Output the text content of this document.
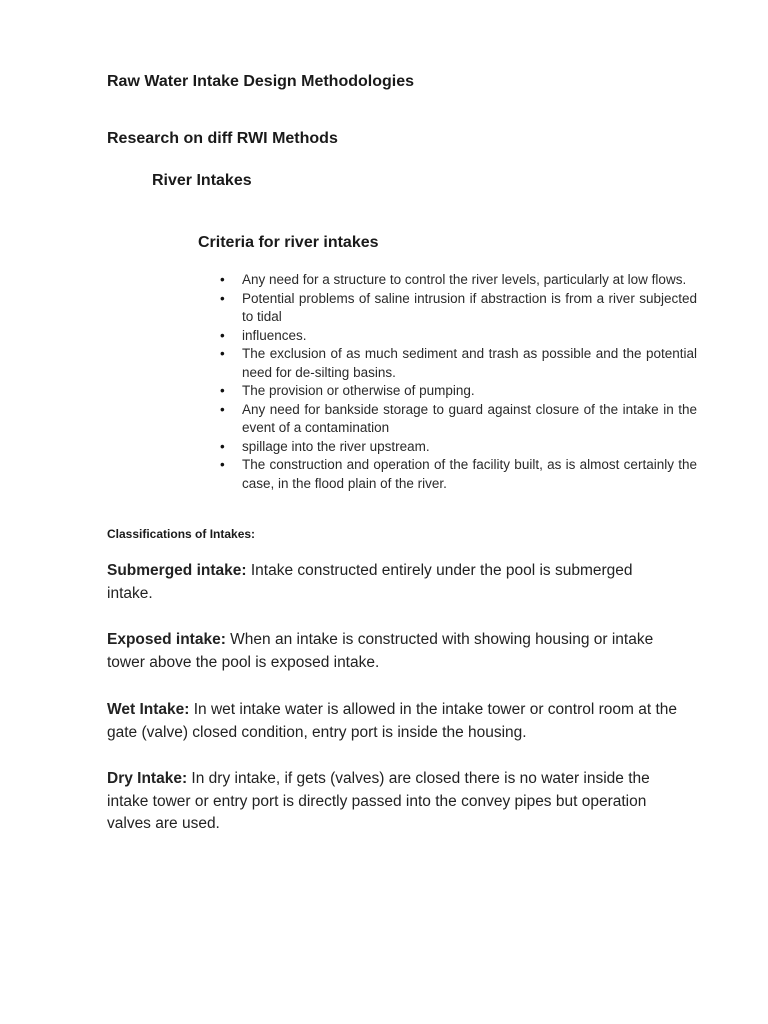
Raw Water Intake Design Methodologies
Research on diff RWI Methods
River Intakes
Criteria for river intakes
• Any need for a structure to control the river levels, particularly at low flows.
• Potential problems of saline intrusion if abstraction is from a river subjected to tidal
• influences.
• The exclusion of as much sediment and trash as possible and the potential need for de-silting basins.
• The provision or otherwise of pumping.
• Any need for bankside storage to guard against closure of the intake in the event of a contamination
• spillage into the river upstream.
• The construction and operation of the facility built, as is almost certainly the case, in the flood plain of the river.
Classifications of Intakes:

Submerged intake: Intake constructed entirely under the pool is submerged intake.

Exposed intake: When an intake is constructed with showing housing or intake tower above the pool is exposed intake.

Wet Intake: In wet intake water is allowed in the intake tower or control room at the gate (valve) closed condition, entry port is inside the housing.

Dry Intake: In dry intake, if gets (valves) are closed there is no water inside the intake tower or entry port is directly passed into the convey pipes but operation valves are used.
